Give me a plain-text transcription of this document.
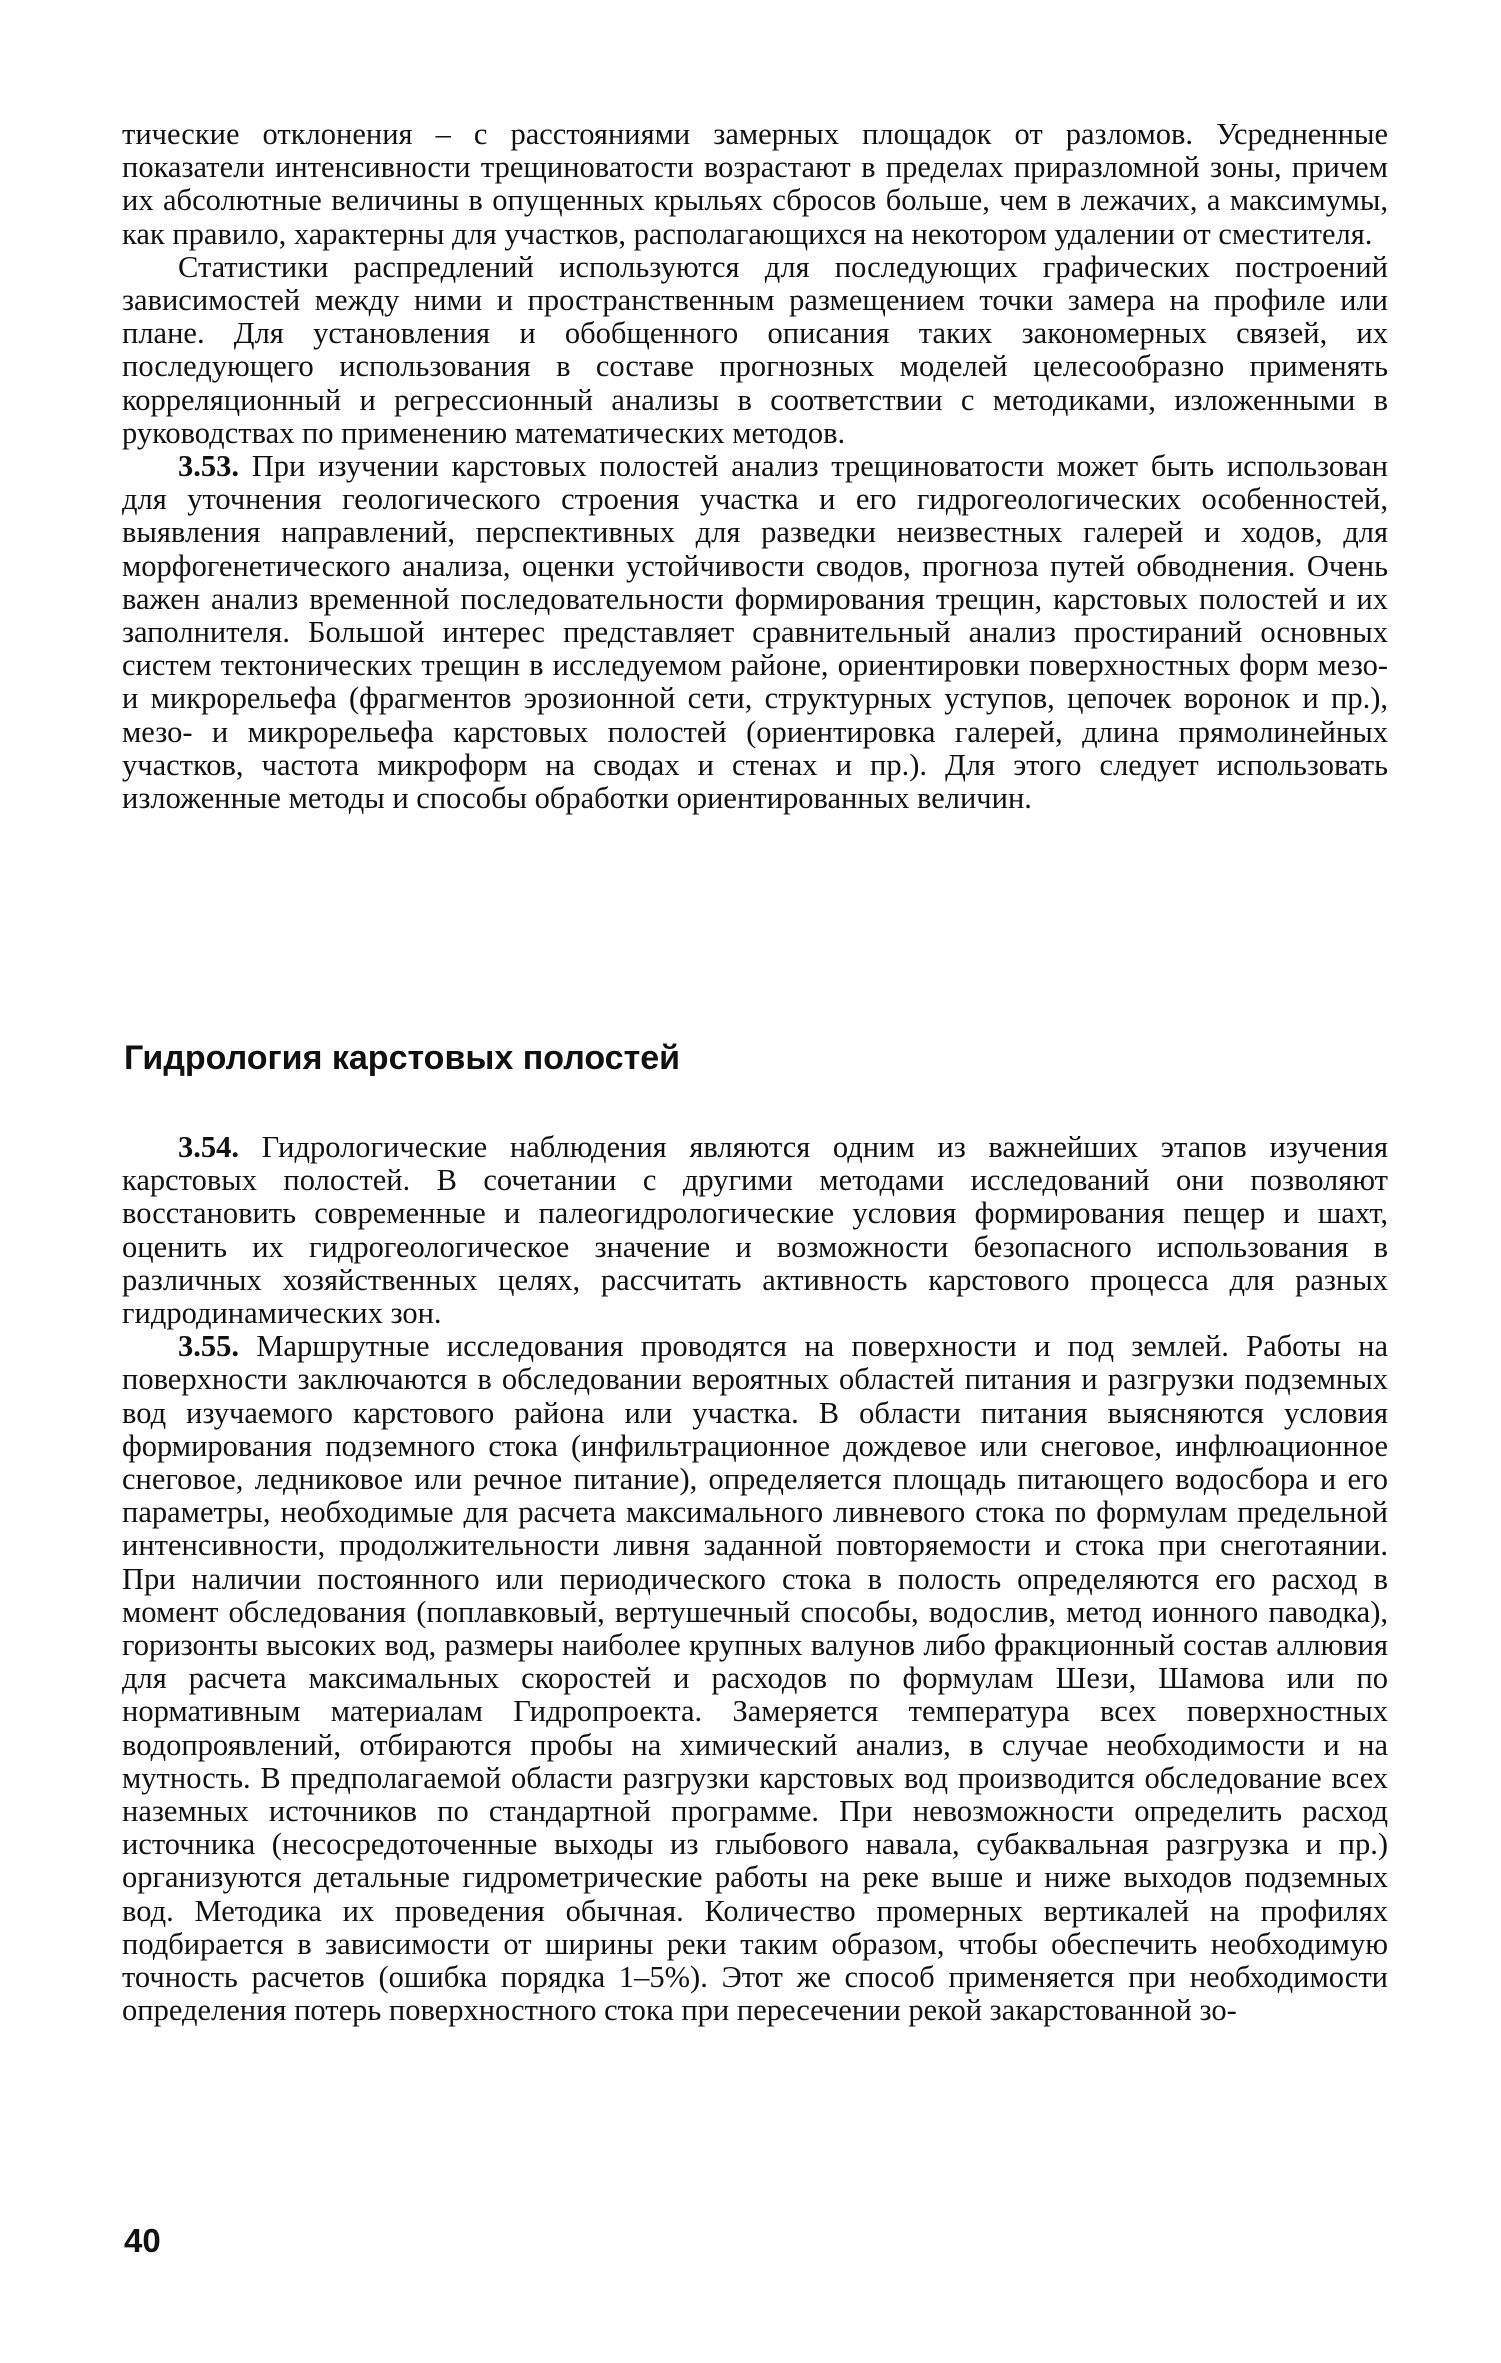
тические отклонения – с расстояниями замерных площадок от разломов. Усредненные показатели интенсивности трещиноватости возрастают в пределах приразломной зоны, причем их абсолютные величины в опущенных крыльях сбросов больше, чем в лежачих, а максимумы, как правило, характерны для участков, располагающихся на некотором удалении от сместителя.

Статистики распредлений используются для последующих графических построений зависимостей между ними и пространственным размещением точки замера на профиле или плане. Для установления и обобщенного описания таких закономерных связей, их последующего использования в составе прогнозных моделей целесообразно применять корреляционный и регрессионный анализы в соответствии с методиками, изложенными в руководствах по применению математических методов.

3.53. При изучении карстовых полостей анализ трещиноватости может быть использован для уточнения геологического строения участка и его гидрогеологических особенностей, выявления направлений, перспективных для разведки неизвестных галерей и ходов, для морфогенетического анализа, оценки устойчивости сводов, прогноза путей обводнения. Очень важен анализ временной последовательности формирования трещин, карстовых полостей и их заполнителя. Большой интерес представляет сравнительный анализ простираний основных систем тектонических трещин в исследуемом районе, ориентировки поверхностных форм мезо- и микрорельефа (фрагментов эрозионной сети, структурных уступов, цепочек воронок и пр.), мезо- и микрорельефа карстовых полостей (ориентировка галерей, длина прямолинейных участков, частота микроформ на сводах и стенах и пр.). Для этого следует использовать изложенные методы и способы обработки ориентированных величин.

Гидрология карстовых полостей

3.54. Гидрологические наблюдения являются одним из важнейших этапов изучения карстовых полостей. В сочетании с другими методами исследований они позволяют восстановить современные и палеогидрологические условия формирования пещер и шахт, оценить их гидрогеологическое значение и возможности безопасного использования в различных хозяйственных целях, рассчитать активность карстового процесса для разных гидродинамических зон.

3.55. Маршрутные исследования проводятся на поверхности и под землей. Работы на поверхности заключаются в обследовании вероятных областей питания и разгрузки подземных вод изучаемого карстового района или участка. В области питания выясняются условия формирования подземного стока (инфильтрационное дождевое или снеговое, инфлюационное снеговое, ледниковое или речное питание), определяется площадь питающего водосбора и его параметры, необходимые для расчета максимального ливневого стока по формулам предельной интенсивности, продолжительности ливня заданной повторяемости и стока при снеготаянии. При наличии постоянного или периодического стока в полость определяются его расход в момент обследования (поплавковый, вертушечный способы, водослив, метод ионного паводка), горизонты высоких вод, размеры наиболее крупных валунов либо фракционный состав аллювия для расчета максимальных скоростей и расходов по формулам Шези, Шамова или по нормативным материалам Гидропроекта. Замеряется температура всех поверхностных водопроявлений, отбираются пробы на химический анализ, в случае необходимости и на мутность. В предполагаемой области разгрузки карстовых вод производится обследование всех наземных источников по стандартной программе. При невозможности определить расход источника (несосредоточенные выходы из глыбового навала, субаквальная разгрузка и пр.) организуются детальные гидрометрические работы на реке выше и ниже выходов подземных вод. Методика их проведения обычная. Количество промерных вертикалей на профилях подбирается в зависимости от ширины реки таким образом, чтобы обеспечить необходимую точность расчетов (ошибка порядка 1–5%). Этот же способ применяется при необходимости определения потерь поверхностного стока при пересечении рекой закарстованной зо-

40
